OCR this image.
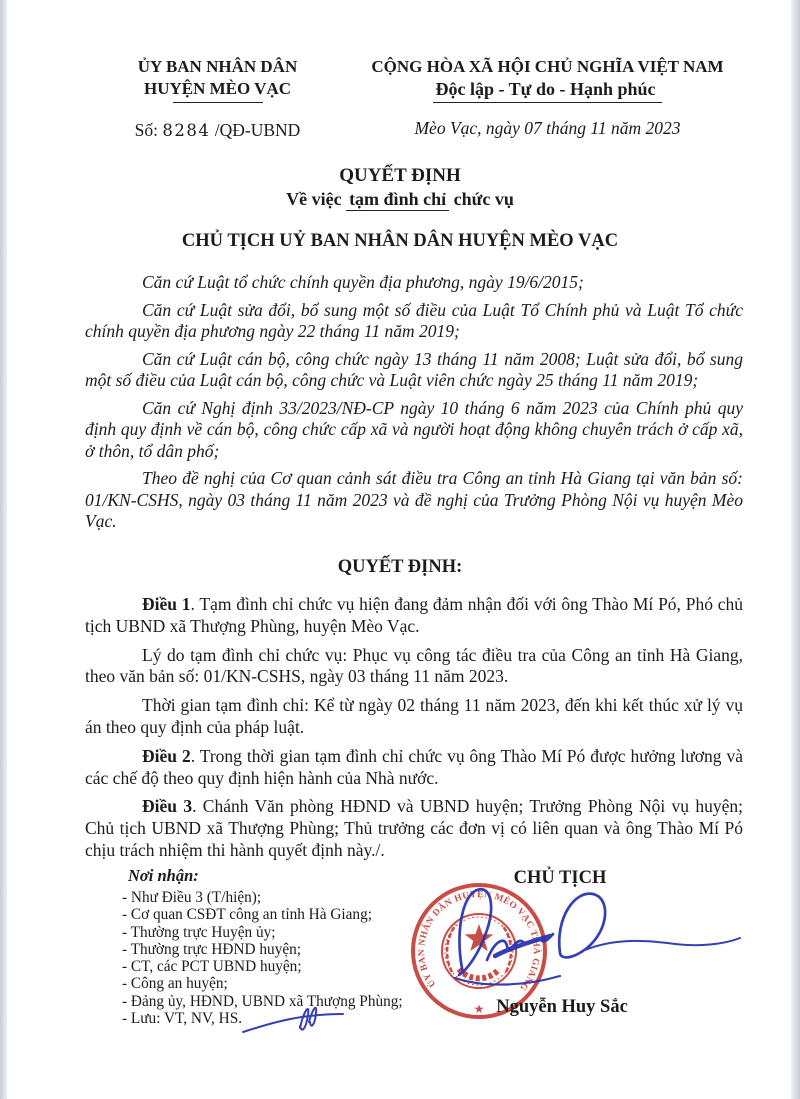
ỦY BAN NHÂN DÂN
HUYỆN MÈO VẠC
Số: 8284 /QĐ-UBND
CỘNG HÒA XÃ HỘI CHỦ NGHĨA VIỆT NAM
Độc lập - Tự do - Hạnh phúc
Mèo Vạc, ngày 07 tháng 11 năm 2023
QUYẾT ĐỊNH
Về việc tạm đình chỉ chức vụ
CHỦ TỊCH UỶ BAN NHÂN DÂN HUYỆN MÈO VẠC

Căn cứ Luật tổ chức chính quyền địa phương, ngày 19/6/2015;

Căn cứ Luật sửa đổi, bổ sung một số điều của Luật Tổ Chính phủ và Luật Tổ chức chính quyền địa phương ngày 22 tháng 11 năm 2019;

Căn cứ Luật cán bộ, công chức ngày 13 tháng 11 năm 2008; Luật sửa đổi, bổ sung một số điều của Luật cán bộ, công chức và Luật viên chức ngày 25 tháng 11 năm 2019;

Căn cứ Nghị định 33/2023/NĐ-CP ngày 10 tháng 6 năm 2023 của Chính phủ quy định quy định về cán bộ, công chức cấp xã và người hoạt động không chuyên trách ở cấp xã, ở thôn, tổ dân phố;

Theo đề nghị của Cơ quan cảnh sát điều tra Công an tỉnh Hà Giang tại văn bản số: 01/KN-CSHS, ngày 03 tháng 11 năm 2023 và đề nghị của Trưởng Phòng Nội vụ huyện Mèo Vạc.

QUYẾT ĐỊNH:

Điều 1. Tạm đình chỉ chức vụ hiện đang đảm nhận đối với ông Thào Mí Pó, Phó chủ tịch UBND xã Thượng Phùng, huyện Mèo Vạc.

Lý do tạm đình chỉ chức vụ: Phục vụ công tác điều tra của Công an tỉnh Hà Giang, theo văn bản số: 01/KN-CSHS, ngày 03 tháng 11 năm 2023.

Thời gian tạm đình chỉ: Kể từ ngày 02 tháng 11 năm 2023, đến khi kết thúc xử lý vụ án theo quy định của pháp luật.

Điều 2. Trong thời gian tạm đình chỉ chức vụ ông Thào Mí Pó được hưởng lương và các chế độ theo quy định hiện hành của Nhà nước.

Điều 3. Chánh Văn phòng HĐND và UBND huyện; Trưởng Phòng Nội vụ huyện; Chủ tịch UBND xã Thượng Phùng; Thủ trưởng các đơn vị có liên quan và ông Thào Mí Pó chịu trách nhiệm thi hành quyết định này./.

Nơi nhận:

- Như Điều 3 (T/hiện);

- Cơ quan CSĐT công an tỉnh Hà Giang;

- Thường trực Huyện ủy;

- Thường trực HĐND huyện;

- CT, các PCT UBND huyện;

- Công an huyện;

- Đảng ủy, HĐND, UBND xã Thượng Phùng;

- Lưu: VT, NV, HS.

CHỦ TỊCH
ỦY BAN NHÂN DÂN HUYỆN MÈO VẠC T.HÀ GIANG
★ Nguyễn Huy Sắc
